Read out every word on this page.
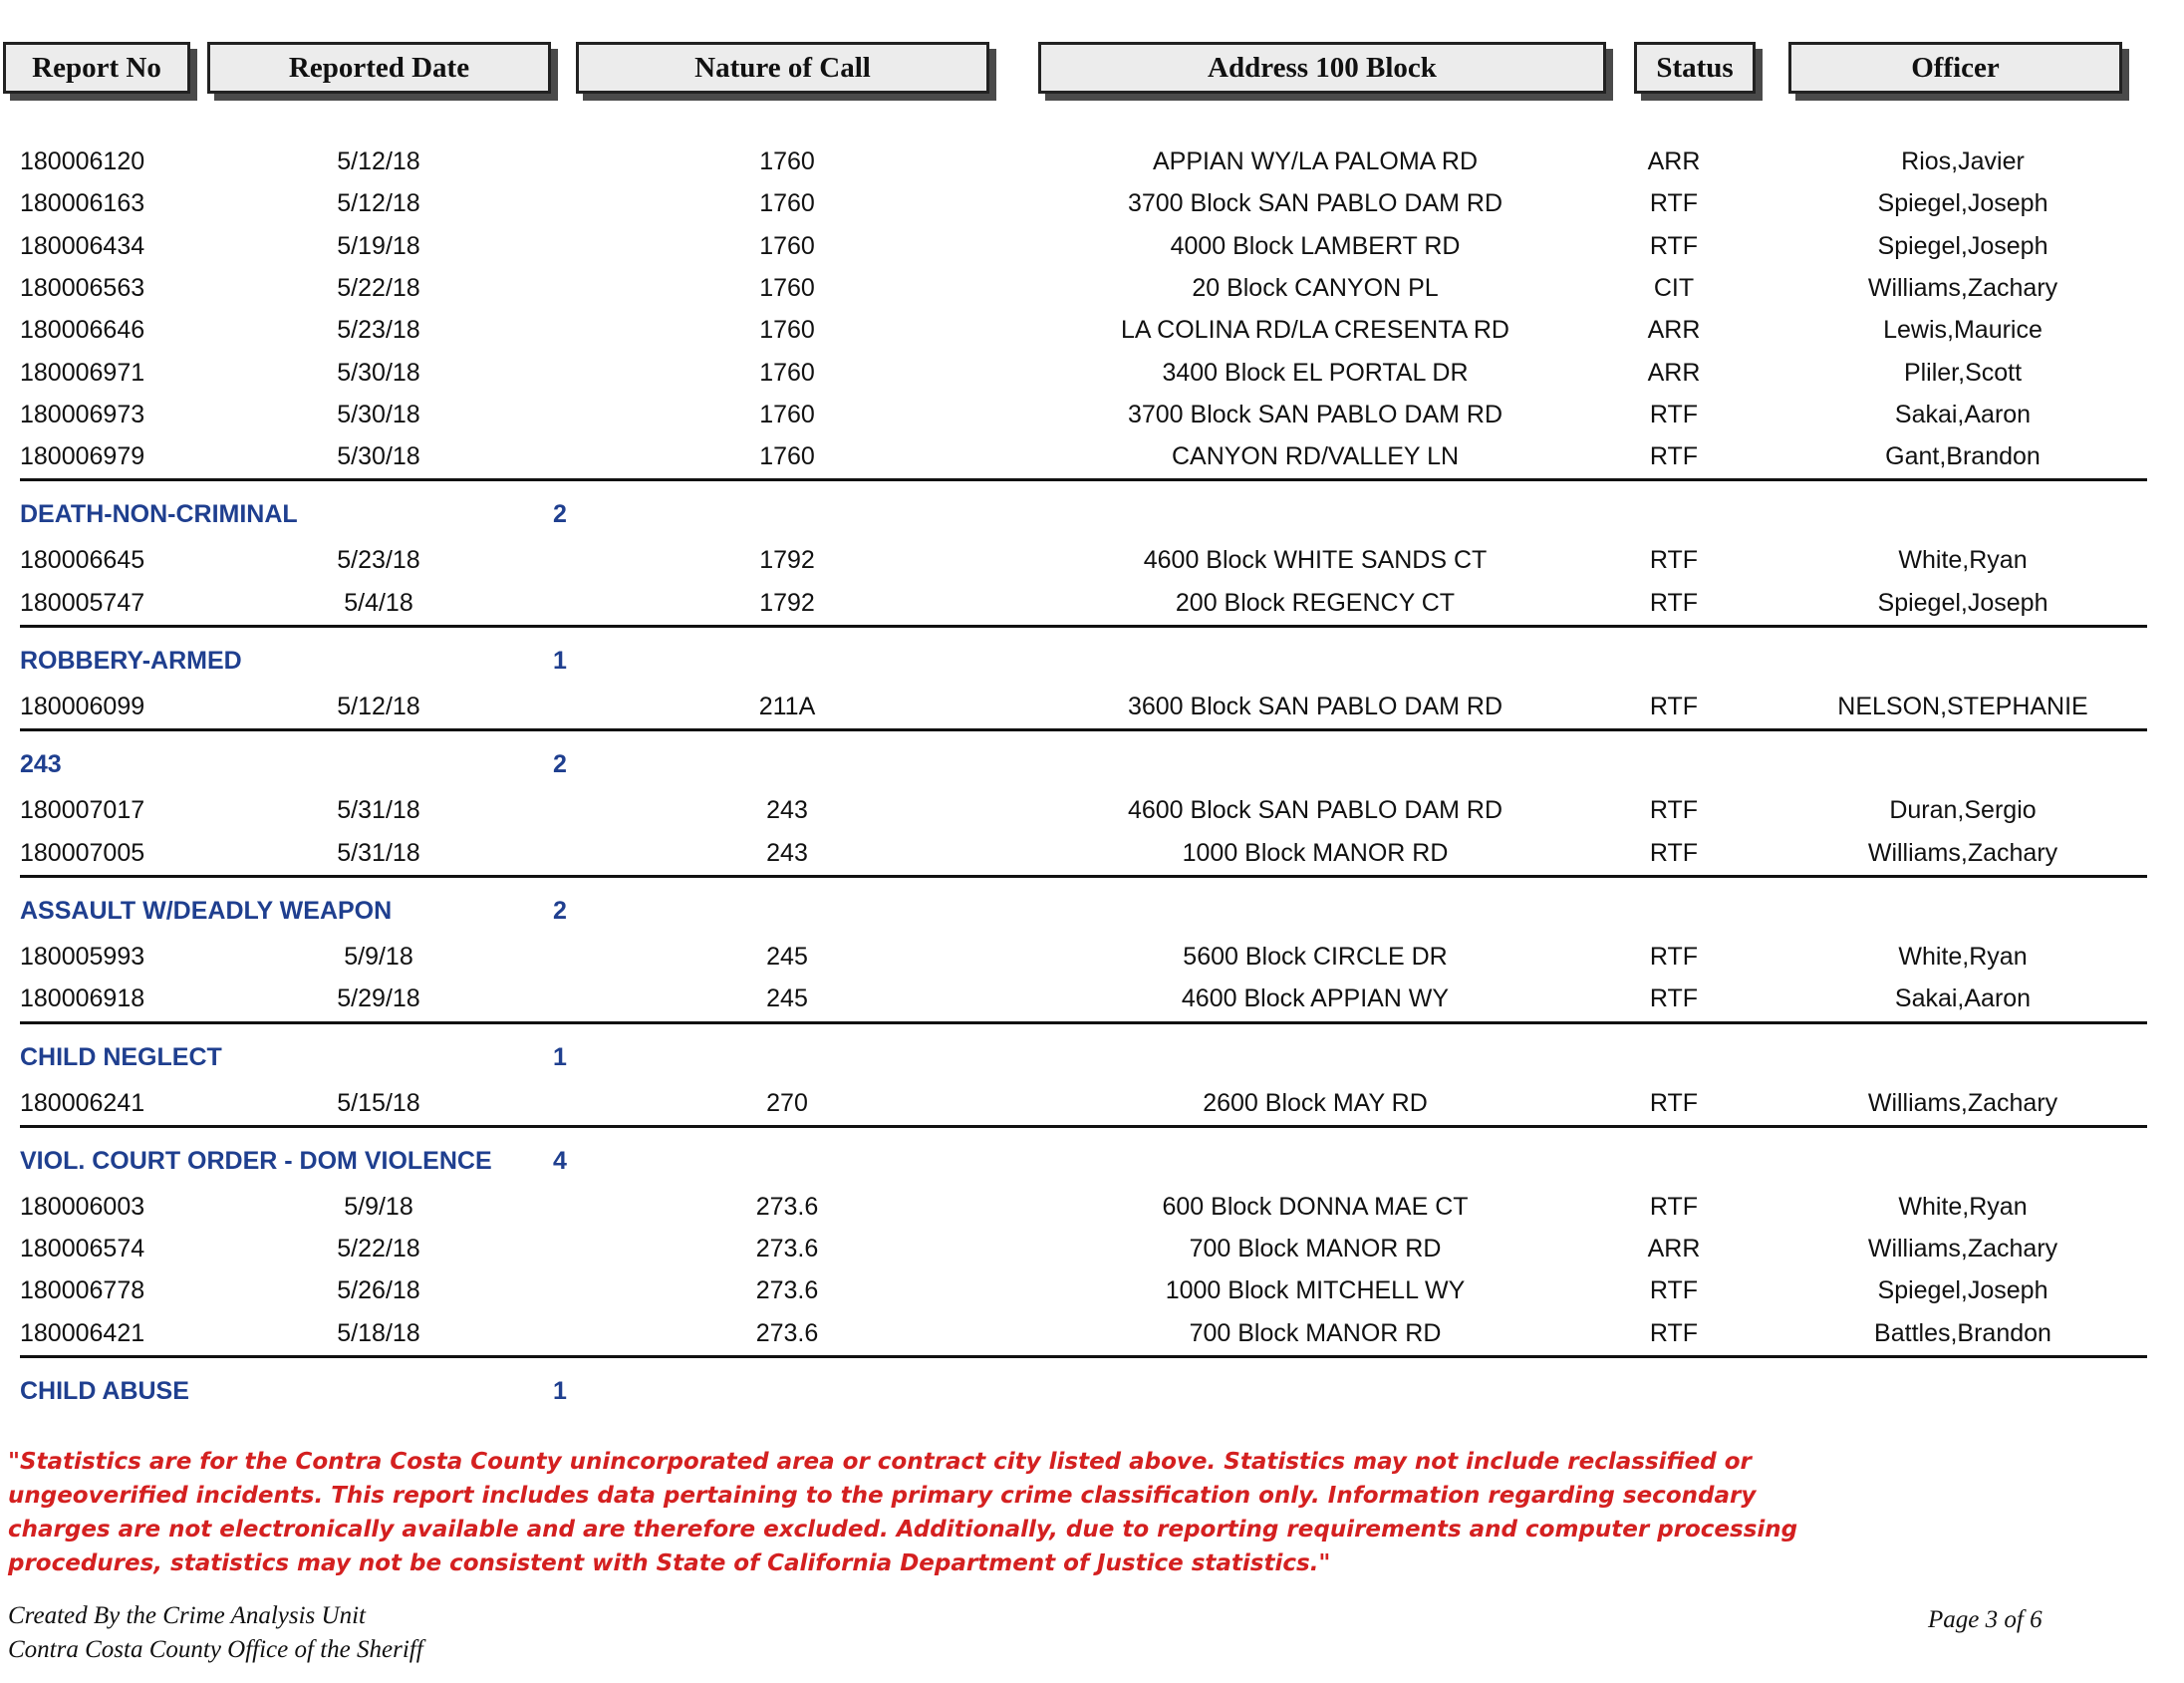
Report No	Reported Date	Nature of Call	Address 100 Block	Status	Officer
180006120	5/12/18	1760	APPIAN WY/LA PALOMA RD	ARR	Rios,Javier
180006163	5/12/18	1760	3700 Block SAN PABLO DAM RD	RTF	Spiegel,Joseph
180006434	5/19/18	1760	4000 Block LAMBERT RD	RTF	Spiegel,Joseph
180006563	5/22/18	1760	20 Block CANYON PL	CIT	Williams,Zachary
180006646	5/23/18	1760	LA COLINA RD/LA CRESENTA RD	ARR	Lewis,Maurice
180006971	5/30/18	1760	3400 Block EL PORTAL DR	ARR	Pliler,Scott
180006973	5/30/18	1760	3700 Block SAN PABLO DAM RD	RTF	Sakai,Aaron
180006979	5/30/18	1760	CANYON RD/VALLEY LN	RTF	Gant,Brandon
DEATH-NON-CRIMINAL	2
180006645	5/23/18	1792	4600 Block WHITE SANDS CT	RTF	White,Ryan
180005747	5/4/18	1792	200 Block REGENCY CT	RTF	Spiegel,Joseph
ROBBERY-ARMED	1
180006099	5/12/18	211A	3600 Block SAN PABLO DAM RD	RTF	NELSON,STEPHANIE
243	2
180007017	5/31/18	243	4600 Block SAN PABLO DAM RD	RTF	Duran,Sergio
180007005	5/31/18	243	1000 Block MANOR RD	RTF	Williams,Zachary
ASSAULT W/DEADLY WEAPON	2
180005993	5/9/18	245	5600 Block CIRCLE DR	RTF	White,Ryan
180006918	5/29/18	245	4600 Block APPIAN WY	RTF	Sakai,Aaron
CHILD NEGLECT	1
180006241	5/15/18	270	2600 Block MAY RD	RTF	Williams,Zachary
VIOL. COURT ORDER - DOM VIOLENCE 4
180006003	5/9/18	273.6	600 Block DONNA MAE CT	RTF	White,Ryan
180006574	5/22/18	273.6	700 Block MANOR RD	ARR	Williams,Zachary
180006778	5/26/18	273.6	1000 Block MITCHELL WY	RTF	Spiegel,Joseph
180006421	5/18/18	273.6	700 Block MANOR RD	RTF	Battles,Brandon
CHILD ABUSE	1
"Statistics are for the Contra Costa County unincorporated area or contract city listed above. Statistics may not include reclassified or ungeoverified incidents. This report includes data pertaining to the primary crime classification only. Information regarding secondary charges are not electronically available and are therefore excluded. Additionally, due to reporting requirements and computer processing procedures, statistics may not be consistent with State of California Department of Justice statistics."
Created By the Crime Analysis Unit
Contra Costa County Office of the Sheriff
Page 3 of 6
